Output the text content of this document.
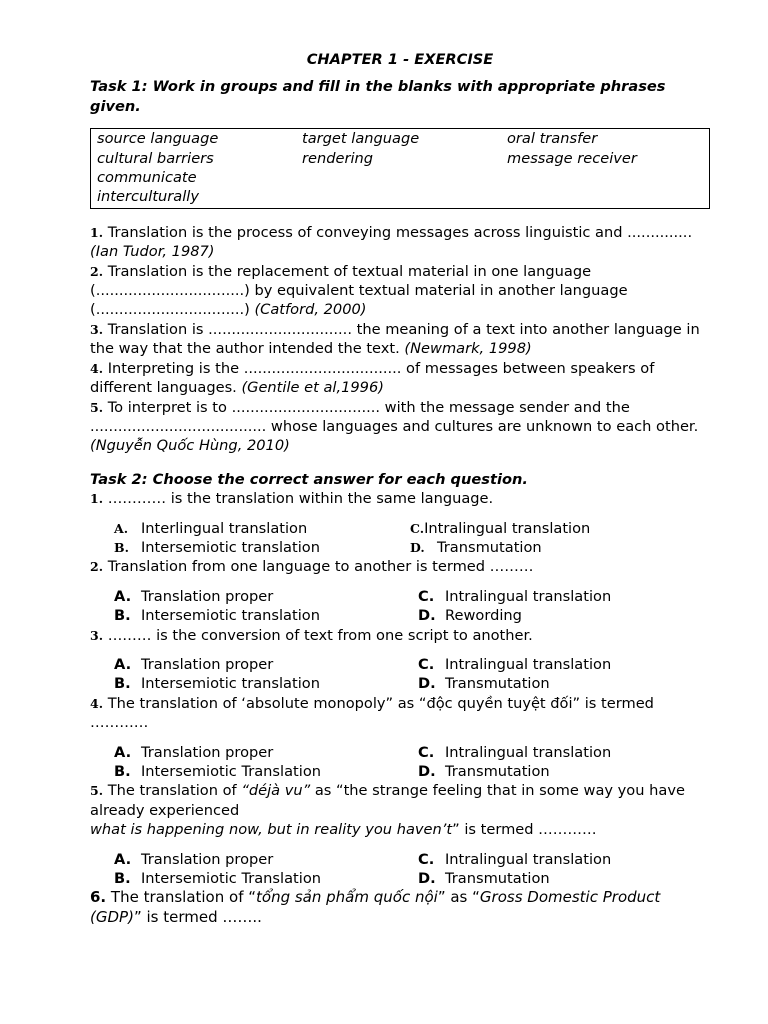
CHAPTER 1 - EXERCISE

Task 1: Work in groups and fill in the blanks with appropriate phrases given.

source language	target language	oral transfer
cultural barriers	rendering	message receiver
communicate
interculturally

1. Translation is the process of conveying messages across linguistic and .............. (Ian Tudor, 1987)

2. Translation is the replacement of textual material in one language (................................) by equivalent textual material in another language (................................) (Catford, 2000)

3. Translation is ............................... the meaning of a text into another language in the way that the author intended the text. (Newmark, 1998)

4. Interpreting is the .................................. of messages between speakers of different languages. (Gentile et al,1996)

5. To interpret is to ................................ with the message sender and the ...................................... whose languages and cultures are unknown to each other. (Nguyễn Quốc Hùng, 2010)

Task 2: Choose the correct answer for each question.

1. ………… is the translation within the same language.

A. Interlingual translation	C.Intralingual translation
B. Intersemiotic translation	D. Transmutation

2. Translation from one language to another is termed ………

A. Translation proper	C. Intralingual translation
B. Intersemiotic translation	D. Rewording

3. ……… is the conversion of text from one script to another.

A. Translation proper	C. Intralingual translation
B. Intersemiotic translation	D. Transmutation

4. The translation of ‘absolute monopoly” as “độc quyền tuyệt đối” is termed …………

A. Translation proper	C. Intralingual translation
B. Intersemiotic Translation	D. Transmutation

5. The translation of “déjà vu” as “the strange feeling that in some way you have already experienced
what is happening now, but in reality you haven’t” is termed …………

A. Translation proper	C. Intralingual translation
B. Intersemiotic Translation	D. Transmutation

6. The translation of “tổng sản phẩm quốc nội” as “Gross Domestic Product (GDP)” is termed ……..
